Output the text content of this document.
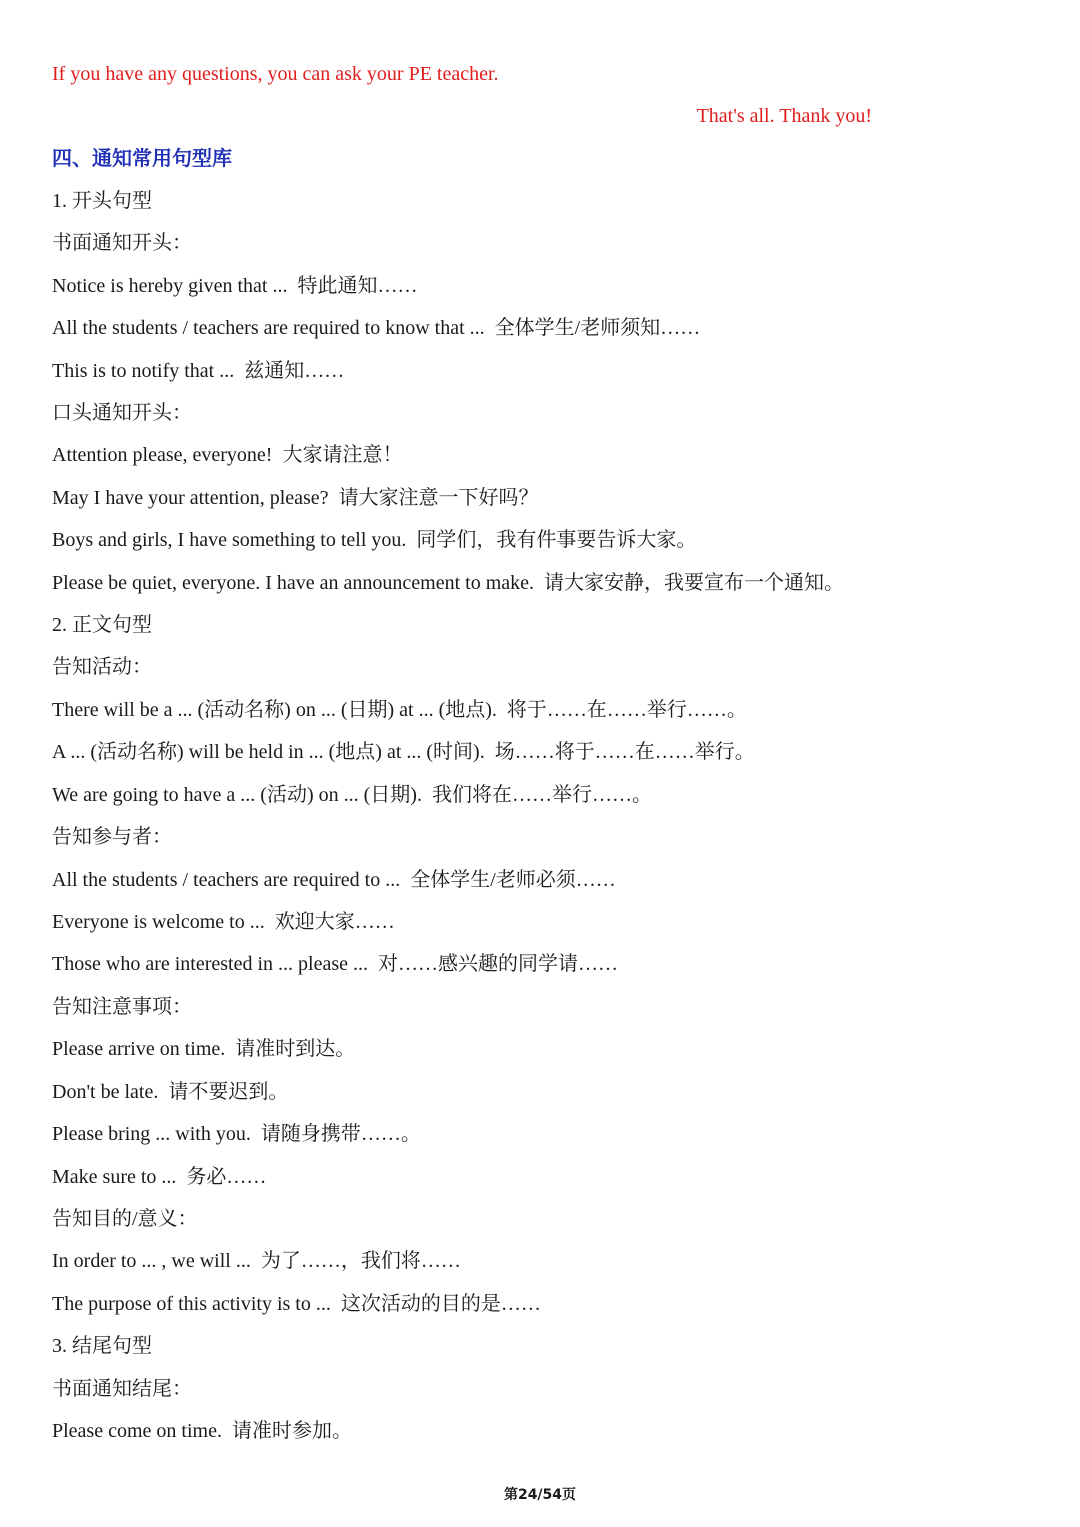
If you have any questions, you can ask your PE teacher.
That's all. Thank you!
四、通知常用句型库
1. 开头句型
书面通知开头：
Notice is hereby given that ... 特此通知……
All the students / teachers are required to know that ... 全体学生/老师须知……
This is to notify that ... 兹通知……
口头通知开头：
Attention please, everyone! 大家请注意！
May I have your attention, please? 请大家注意一下好吗？
Boys and girls, I have something to tell you. 同学们，我有件事要告诉大家。
Please be quiet, everyone. I have an announcement to make. 请大家安静，我要宣布一个通知。
2. 正文句型
告知活动：
There will be a ... (活动名称) on ... (日期) at ... (地点). 将于……在……举行……。
A ... (活动名称) will be held in ... (地点) at ... (时间). 场……将于……在……举行。
We are going to have a ... (活动) on ... (日期). 我们将在……举行……。
告知参与者：
All the students / teachers are required to ... 全体学生/老师必须……
Everyone is welcome to ... 欢迎大家……
Those who are interested in ... please ... 对……感兴趣的同学请……
告知注意事项：
Please arrive on time. 请准时到达。
Don't be late. 请不要迟到。
Please bring ... with you. 请随身携带……。
Make sure to ... 务必……
告知目的/意义：
In order to ... , we will ... 为了……，我们将……
The purpose of this activity is to ... 这次活动的目的是……
3. 结尾句型
书面通知结尾：
Please come on time. 请准时参加。
第24/54页
